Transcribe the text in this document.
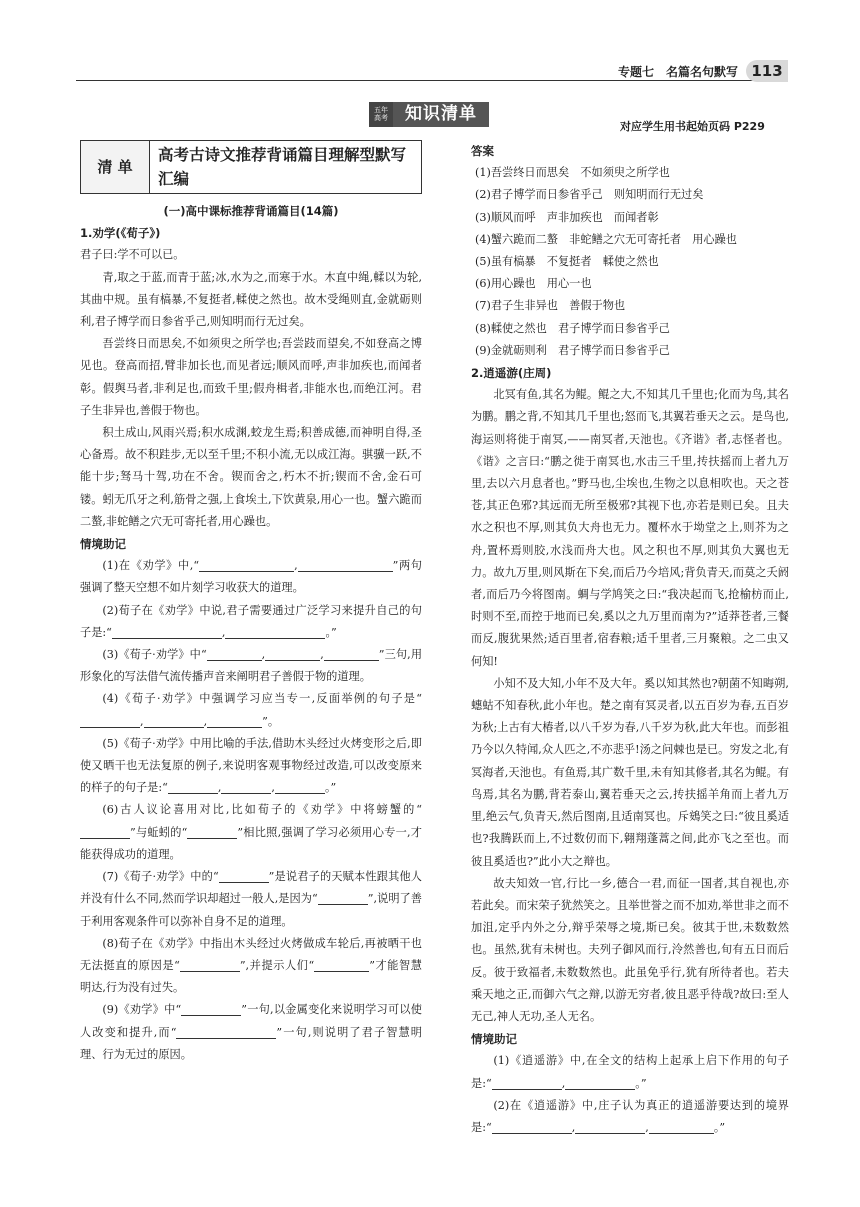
专题七　名篇名句默写 113
五年高考	知识清单
对应学生用书起始页码 P229
清 单
高考古诗文推荐背诵篇目理解型默写汇编
(一)高中课标推荐背诵篇目(14篇)
1.劝学(《荀子》)

君子曰:学不可以已。

青,取之于蓝,而青于蓝;冰,水为之,而寒于水。木直中绳,輮以为轮,其曲中规。虽有槁暴,不复挺者,輮使之然也。故木受绳则直,金就砺则利,君子博学而日参省乎己,则知明而行无过矣。

吾尝终日而思矣,不如须臾之所学也;吾尝跂而望矣,不如登高之博见也。登高而招,臂非加长也,而见者远;顺风而呼,声非加疾也,而闻者彰。假舆马者,非利足也,而致千里;假舟楫者,非能水也,而绝江河。君子生非异也,善假于物也。

积土成山,风雨兴焉;积水成渊,蛟龙生焉;积善成德,而神明自得,圣心备焉。故不积跬步,无以至千里;不积小流,无以成江海。骐骥一跃,不能十步;驽马十驾,功在不舍。锲而舍之,朽木不折;锲而不舍,金石可镂。蚓无爪牙之利,筋骨之强,上食埃土,下饮黄泉,用心一也。蟹六跪而二螯,非蛇鳝之穴无可寄托者,用心躁也。

情境助记

(1)在《劝学》中,“	,	”两句强调了整天空想不如片刻学习收获大的道理。

(2)荀子在《劝学》中说,君子需要通过广泛学习来提升自己的句子是:“	,	。”

(3)《荀子·劝学》中“	,	,	”三句,用形象化的写法借气流传播声音来阐明君子善假于物的道理。

(4)《荀子·劝学》中强调学习应当专一,反面举例的句子是“,	,	”。

(5)《荀子·劝学》中用比喻的手法,借助木头经过火烤变形之后,即使又晒干也无法复原的例子,来说明客观事物经过改造,可以改变原来的样子的句子是:“	,	,	。”

(6)古人议论喜用对比,比如荀子的《劝学》中将螃蟹的“”与蚯蚓的“	”相比照,强调了学习必须用心专一,才能获得成功的道理。

(7)《荀子·劝学》中的“	”是说君子的天赋本性跟其他人并没有什么不同,然而学识却超过一般人,是因为“	”,说明了善于利用客观条件可以弥补自身不足的道理。

(8)荀子在《劝学》中指出木头经过火烤做成车轮后,再被晒干也无法挺直的原因是“	”,并提示人们“	”才能智慧明达,行为没有过失。

(9)《劝学》中“	”一句,以金属变化来说明学习可以使人改变和提升,而“	”一句,则说明了君子智慧明理、行为无过的原因。

答案

(1)吾尝终日而思矣　不如须臾之所学也

(2)君子博学而日参省乎己　则知明而行无过矣

(3)顺风而呼　声非加疾也　而闻者彰

(4)蟹六跪而二螯　非蛇鳝之穴无可寄托者　用心躁也

(5)虽有槁暴　不复挺者　輮使之然也

(6)用心躁也　用心一也

(7)君子生非异也　善假于物也

(8)輮使之然也　君子博学而日参省乎己

(9)金就砺则利　君子博学而日参省乎己

2.逍遥游(庄周)

北冥有鱼,其名为鲲。鲲之大,不知其几千里也;化而为鸟,其名为鹏。鹏之背,不知其几千里也;怒而飞,其翼若垂天之云。是鸟也,海运则将徙于南冥,——南冥者,天池也。《齐谐》者,志怪者也。《谐》之言曰:“鹏之徙于南冥也,水击三千里,抟扶摇而上者九万里,去以六月息者也。”野马也,尘埃也,生物之以息相吹也。天之苍苍,其正色邪?其远而无所至极邪?其视下也,亦若是则已矣。且夫水之积也不厚,则其负大舟也无力。覆杯水于坳堂之上,则芥为之舟,置杯焉则胶,水浅而舟大也。风之积也不厚,则其负大翼也无力。故九万里,则风斯在下矣,而后乃今培风;背负青天,而莫之夭阏者,而后乃今将图南。蜩与学鸠笑之曰:“我决起而飞,抢榆枋而止,时则不至,而控于地而已矣,奚以之九万里而南为?”适莽苍者,三餐而反,腹犹果然;适百里者,宿舂粮;适千里者,三月聚粮。之二虫又何知!

小知不及大知,小年不及大年。奚以知其然也?朝菌不知晦朔,蟪蛄不知春秋,此小年也。楚之南有冥灵者,以五百岁为春,五百岁为秋;上古有大椿者,以八千岁为春,八千岁为秋,此大年也。而彭祖乃今以久特闻,众人匹之,不亦悲乎!汤之问棘也是已。穷发之北,有冥海者,天池也。有鱼焉,其广数千里,未有知其修者,其名为鲲。有鸟焉,其名为鹏,背若泰山,翼若垂天之云,抟扶摇羊角而上者九万里,绝云气,负青天,然后图南,且适南冥也。斥鴳笑之曰:“彼且奚适也?我腾跃而上,不过数仞而下,翱翔蓬蒿之间,此亦飞之至也。而彼且奚适也?”此小大之辩也。

故夫知效一官,行比一乡,德合一君,而征一国者,其自视也,亦若此矣。而宋荣子犹然笑之。且举世誉之而不加劝,举世非之而不加沮,定乎内外之分,辩乎荣辱之境,斯已矣。彼其于世,未数数然也。虽然,犹有未树也。夫列子御风而行,泠然善也,旬有五日而后反。彼于致福者,未数数然也。此虽免乎行,犹有所待者也。若夫乘天地之正,而御六气之辩,以游无穷者,彼且恶乎待哉?故曰:至人无己,神人无功,圣人无名。

情境助记

(1)《逍遥游》中,在全文的结构上起承上启下作用的句子是:“	,	。”

(2)在《逍遥游》中,庄子认为真正的逍遥游要达到的境界是:“	,	,	。”
